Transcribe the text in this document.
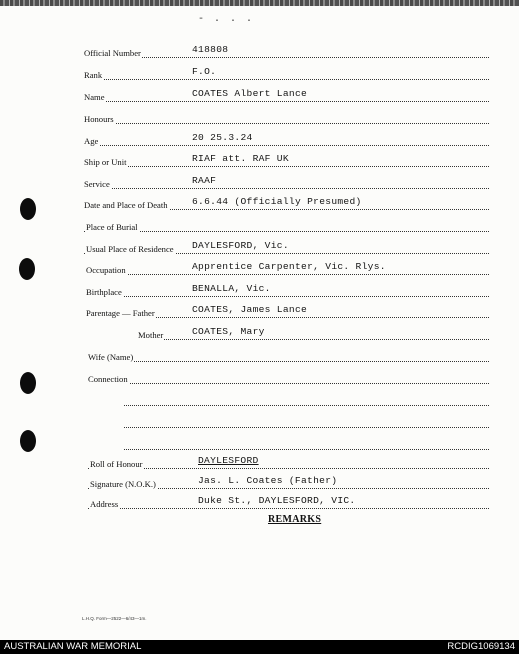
- . . .
Official Number	418808
Rank	F.O.
Name	COATES Albert Lance
Honours
Age	20 25.3.24
Ship or Unit	RIAF att. RAF UK
Service	RAAF
Date and Place of Death	6.6.44 (Officially Presumed)
Place of Burial
Usual Place of Residence DAYLESFORD, Vic.
Occupation	Apprentice Carpenter, Vic. Rlys.
Birthplace	BENALLA, Vic.
Parentage — Father	COATES, James Lance
Mother	COATES, Mary
Wife (Name)
Connection
Roll of Honour	DAYLESFORD
Signature (N.O.K.)	Jas. L. Coates (Father)
Address	Duke St., DAYLESFORD, VIC.
REMARKS
L.H.Q. Form—2522—6/43—1m.
AUSTRALIAN WAR MEMORIAL	RCDIG1069134
